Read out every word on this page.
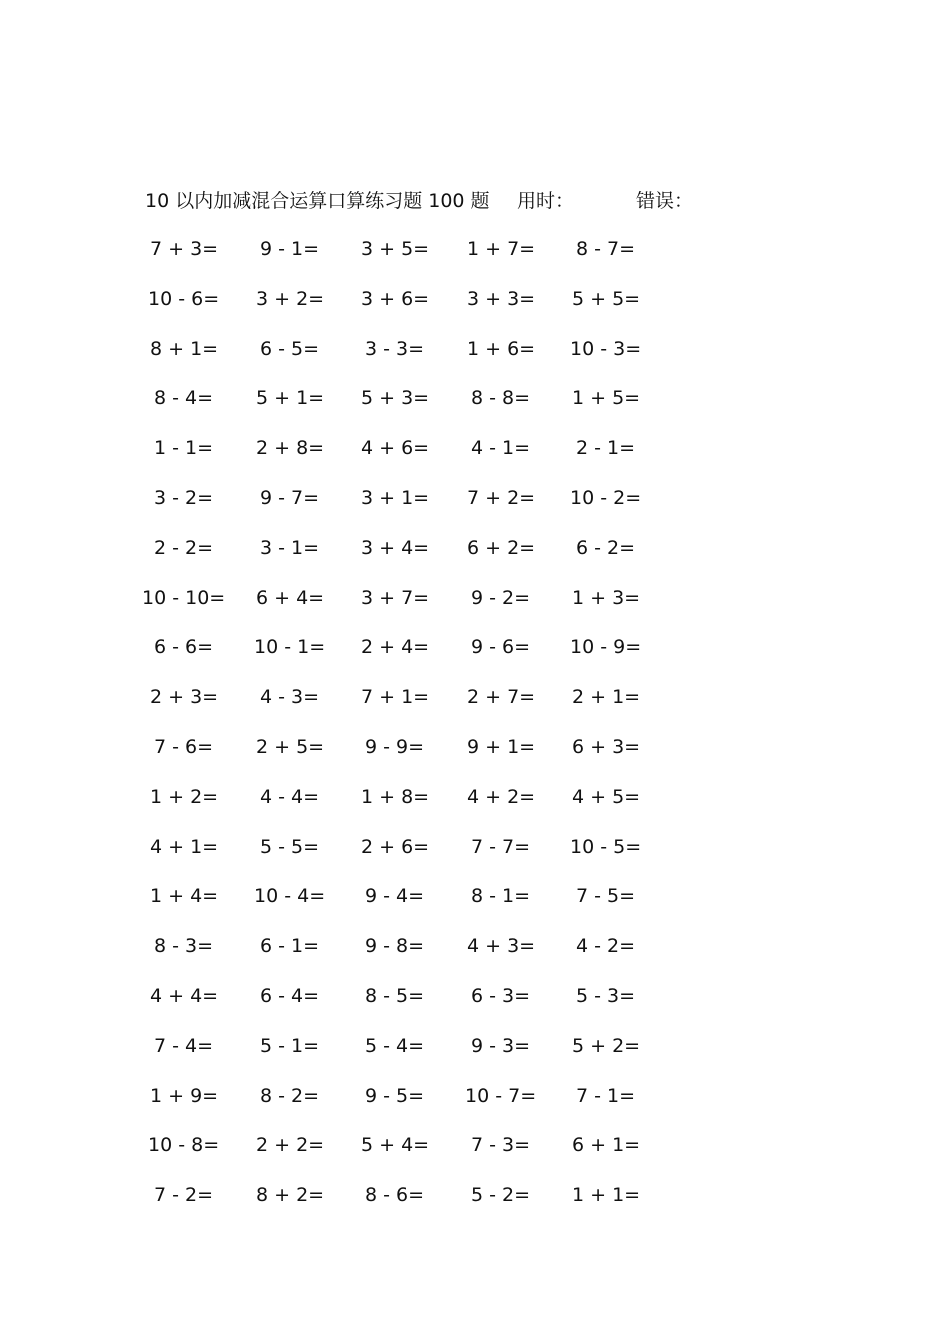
10 以内加减混合运算口算练习题 100 题 用时：	错误：
7 + 3= 9 - 1= 3 + 5= 1 + 7= 8 - 7=
10 - 6= 3 + 2= 3 + 6= 3 + 3= 5 + 5=
8 + 1= 6 - 5= 3 - 3= 1 + 6= 10 - 3=
8 - 4= 5 + 1= 5 + 3= 8 - 8= 1 + 5=
1 - 1= 2 + 8= 4 + 6= 4 - 1= 2 - 1=
3 - 2= 9 - 7= 3 + 1= 7 + 2= 10 - 2=
2 - 2= 3 - 1= 3 + 4= 6 + 2= 6 - 2=
10 - 10= 6 + 4= 3 + 7= 9 - 2= 1 + 3=
6 - 6= 10 - 1= 2 + 4= 9 - 6= 10 - 9=
2 + 3= 4 - 3= 7 + 1= 2 + 7= 2 + 1=
7 - 6= 2 + 5= 9 - 9= 9 + 1= 6 + 3=
1 + 2= 4 - 4= 1 + 8= 4 + 2= 4 + 5=
4 + 1= 5 - 5= 2 + 6= 7 - 7= 10 - 5=
1 + 4= 10 - 4= 9 - 4= 8 - 1= 7 - 5=
8 - 3= 6 - 1= 9 - 8= 4 + 3= 4 - 2=
4 + 4= 6 - 4= 8 - 5= 6 - 3= 5 - 3=
7 - 4= 5 - 1= 5 - 4= 9 - 3= 5 + 2=
1 + 9= 8 - 2= 9 - 5= 10 - 7= 7 - 1=
10 - 8= 2 + 2= 5 + 4= 7 - 3= 6 + 1=
7 - 2= 8 + 2= 8 - 6= 5 - 2= 1 + 1=
